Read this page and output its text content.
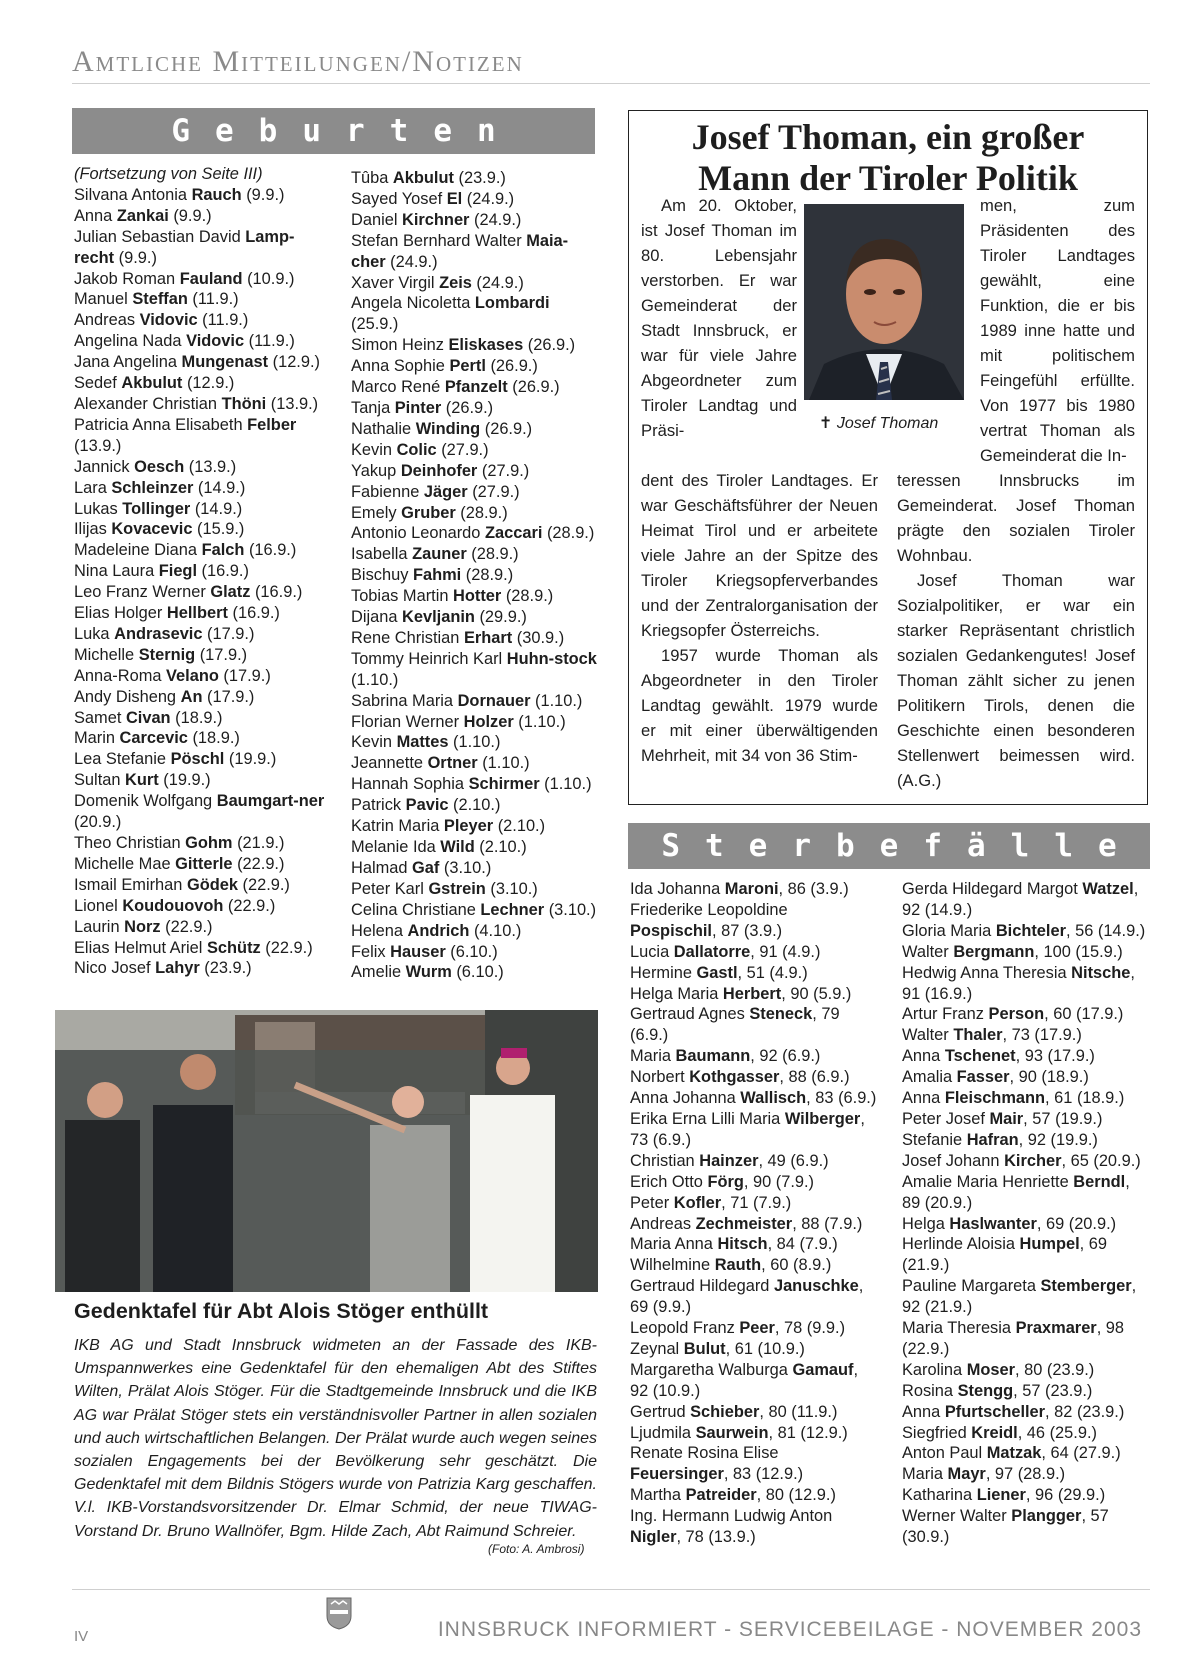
Amtliche Mitteilungen/Notizen
Geburten
(Fortsetzung von Seite III)
Silvana Antonia Rauch (9.9.)
Anna Zankai (9.9.)
Julian Sebastian David Lamp-recht (9.9.)
Jakob Roman Fauland (10.9.)
Manuel Steffan (11.9.)
Andreas Vidovic (11.9.)
Angelina Nada Vidovic (11.9.)
Jana Angelina Mungenast (12.9.)
Sedef Akbulut (12.9.)
Alexander Christian Thöni (13.9.)
Patricia Anna Elisabeth Felber (13.9.)
Jannick Oesch (13.9.)
Lara Schleinzer (14.9.)
Lukas Tollinger (14.9.)
Ilijas Kovacevic (15.9.)
Madeleine Diana Falch (16.9.)
Nina Laura Fiegl (16.9.)
Leo Franz Werner Glatz (16.9.)
Elias Holger Hellbert (16.9.)
Luka Andrasevic (17.9.)
Michelle Sternig (17.9.)
Anna-Roma Velano (17.9.)
Andy Disheng An (17.9.)
Samet Civan (18.9.)
Marin Carcevic (18.9.)
Lea Stefanie Pöschl (19.9.)
Sultan Kurt (19.9.)
Domenik Wolfgang Baumgart-ner (20.9.)
Theo Christian Gohm (21.9.)
Michelle Mae Gitterle (22.9.)
Ismail Emirhan Gödek (22.9.)
Lionel Koudouovoh (22.9.)
Laurin Norz (22.9.)
Elias Helmut Ariel Schütz (22.9.)
Nico Josef Lahyr (23.9.)
Tûba Akbulut (23.9.)
Sayed Yosef El (24.9.)
Daniel Kirchner (24.9.)
Stefan Bernhard Walter Maia-cher (24.9.)
Xaver Virgil Zeis (24.9.)
Angela Nicoletta Lombardi (25.9.)
Simon Heinz Eliskases (26.9.)
Anna Sophie Pertl (26.9.)
Marco René Pfanzelt (26.9.)
Tanja Pinter (26.9.)
Nathalie Winding (26.9.)
Kevin Colic (27.9.)
Yakup Deinhofer (27.9.)
Fabienne Jäger (27.9.)
Emely Gruber (28.9.)
Antonio Leonardo Zaccari (28.9.)
Isabella Zauner (28.9.)
Bischuy Fahmi (28.9.)
Tobias Martin Hotter (28.9.)
Dijana Kevljanin (29.9.)
Rene Christian Erhart (30.9.)
Tommy Heinrich Karl Huhn-stock (1.10.)
Sabrina Maria Dornauer (1.10.)
Florian Werner Holzer (1.10.)
Kevin Mattes (1.10.)
Jeannette Ortner (1.10.)
Hannah Sophia Schirmer (1.10.)
Patrick Pavic (2.10.)
Katrin Maria Pleyer (2.10.)
Melanie Ida Wild (2.10.)
Halmad Gaf (3.10.)
Peter Karl Gstrein (3.10.)
Celina Christiane Lechner (3.10.)
Helena Andrich (4.10.)
Felix Hauser (6.10.)
Amelie Wurm (6.10.)
Josef Thoman, ein großer
Mann der Tiroler Politik
✝ Josef Thoman

Am 20. Oktober, ist Josef Thoman im 80. Lebensjahr verstorben. Er war Gemeinderat der Stadt Innsbruck, er war für viele Jahre Abgeordneter zum Tiroler Landtag und Präsi-

dent des Tiroler Landtages. Er war Geschäftsführer der Neuen Heimat Tirol und er arbeitete viele Jahre an der Spitze des Tiroler Kriegsopferverbandes und der Zentralorganisation der Kriegsopfer Österreichs.

1957 wurde Thoman als Abgeordneter in den Tiroler Landtag gewählt. 1979 wurde er mit einer überwältigenden Mehrheit, mit 34 von 36 Stim-

men, zum Präsidenten des Tiroler Landtages gewählt, eine Funktion, die er bis 1989 inne hatte und mit politischem Feingefühl erfüllte. Von 1977 bis 1980 vertrat Thoman als Gemeinderat die In-

teressen Innsbrucks im Gemeinderat. Josef Thoman prägte den sozialen Tiroler Wohnbau.

Josef Thoman war Sozialpolitiker, er war ein starker Repräsentant christlich sozialen Gedankengutes! Josef Thoman zählt sicher zu jenen Politikern Tirols, denen die Geschichte einen besonderen Stellenwert beimessen wird. (A.G.)

Sterbefälle
Ida Johanna Maroni, 86 (3.9.)
Friederike Leopoldine Pospischil, 87 (3.9.)
Lucia Dallatorre, 91 (4.9.)
Hermine Gastl, 51 (4.9.)
Helga Maria Herbert, 90 (5.9.)
Gertraud Agnes Steneck, 79 (6.9.)
Maria Baumann, 92 (6.9.)
Norbert Kothgasser, 88 (6.9.)
Anna Johanna Wallisch, 83 (6.9.)
Erika Erna Lilli Maria Wilberger, 73 (6.9.)
Christian Hainzer, 49 (6.9.)
Erich Otto Förg, 90 (7.9.)
Peter Kofler, 71 (7.9.)
Andreas Zechmeister, 88 (7.9.)
Maria Anna Hitsch, 84 (7.9.)
Wilhelmine Rauth, 60 (8.9.)
Gertraud Hildegard Januschke, 69 (9.9.)
Leopold Franz Peer, 78 (9.9.)
Zeynal Bulut, 61 (10.9.)
Margaretha Walburga Gamauf, 92 (10.9.)
Gertrud Schieber, 80 (11.9.)
Ljudmila Saurwein, 81 (12.9.)
Renate Rosina Elise Feuersinger, 83 (12.9.)
Martha Patreider, 80 (12.9.)
Ing. Hermann Ludwig Anton Nigler, 78 (13.9.)
Gerda Hildegard Margot Watzel, 92 (14.9.)
Gloria Maria Bichteler, 56 (14.9.)
Walter Bergmann, 100 (15.9.)
Hedwig Anna Theresia Nitsche, 91 (16.9.)
Artur Franz Person, 60 (17.9.)
Walter Thaler, 73 (17.9.)
Anna Tschenet, 93 (17.9.)
Amalia Fasser, 90 (18.9.)
Anna Fleischmann, 61 (18.9.)
Peter Josef Mair, 57 (19.9.)
Stefanie Hafran, 92 (19.9.)
Josef Johann Kircher, 65 (20.9.)
Amalie Maria Henriette Berndl, 89 (20.9.)
Helga Haslwanter, 69 (20.9.)
Herlinde Aloisia Humpel, 69 (21.9.)
Pauline Margareta Stemberger, 92 (21.9.)
Maria Theresia Praxmarer, 98 (22.9.)
Karolina Moser, 80 (23.9.)
Rosina Stengg, 57 (23.9.)
Anna Pfurtscheller, 82 (23.9.)
Siegfried Kreidl, 46 (25.9.)
Anton Paul Matzak, 64 (27.9.)
Maria Mayr, 97 (28.9.)
Katharina Liener, 96 (29.9.)
Werner Walter Plangger, 57 (30.9.)
Gedenktafel für Abt Alois Stöger enthüllt
IKB AG und Stadt Innsbruck widmeten an der Fassade des IKB-Umspannwerkes eine Gedenktafel für den ehemaligen Abt des Stiftes Wilten, Prälat Alois Stöger. Für die Stadtgemeinde Innsbruck und die IKB AG war Prälat Stöger stets ein verständnisvoller Partner in allen sozialen und auch wirtschaftlichen Belangen. Der Prälat wurde auch wegen seines sozialen Engagements bei der Bevölkerung sehr geschätzt. Die Gedenktafel mit dem Bildnis Stögers wurde von Patrizia Karg geschaffen. V.l. IKB-Vorstandsvorsitzender Dr. Elmar Schmid, der neue TIWAG-Vorstand Dr. Bruno Wallnöfer, Bgm. Hilde Zach, Abt Raimund Schreier.
(Foto: A. Ambrosi)
IV	INNSBRUCK INFORMIERT - SERVICEBEILAGE - NOVEMBER 2003
